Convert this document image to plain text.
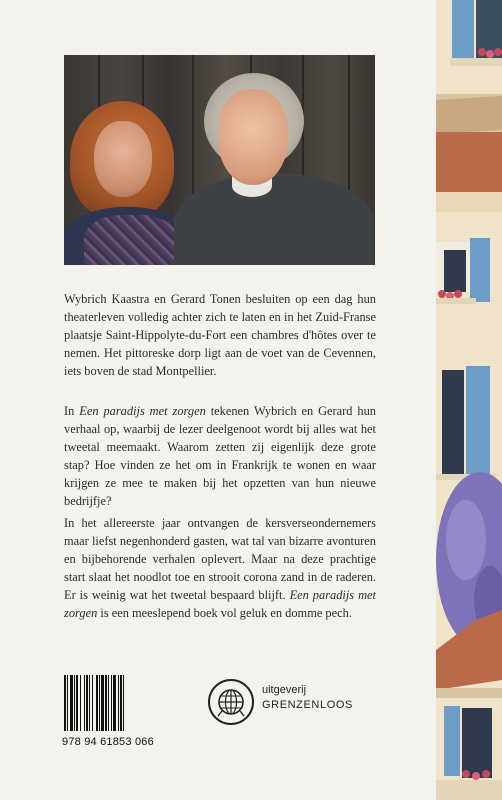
Wybrich Kaastra en Gerard Tonen besluiten op een dag hun theaterleven volledig achter zich te laten en in het Zuid-Franse plaatsje Saint-Hippolyte-du-Fort een chambres d'hôtes over te nemen. Het pittoreske dorp ligt aan de voet van de Cevennen, iets boven de stad Montpellier.

In Een paradijs met zorgen tekenen Wybrich en Gerard hun verhaal op, waarbij de lezer deelgenoot wordt bij alles wat het tweetal meemaakt. Waarom zetten zij eigenlijk deze grote stap? Hoe vinden ze het om in Frankrijk te wonen en waar krijgen ze mee te maken bij het opzetten van hun nieuwe bedrijfje?

In het allereerste jaar ontvangen de kersverseondernemers maar liefst negenhonderd gasten, wat tal van bizarre avonturen en bijbehorende verhalen oplevert. Maar na deze prachtige start slaat het noodlot toe en strooit corona zand in de raderen. Er is weinig wat het tweetal bespaard blijft. Een paradijs met zorgen is een meeslepend boek vol geluk en domme pech.

978 94 61853 066
uitgeverij
GRENZENLOOS
